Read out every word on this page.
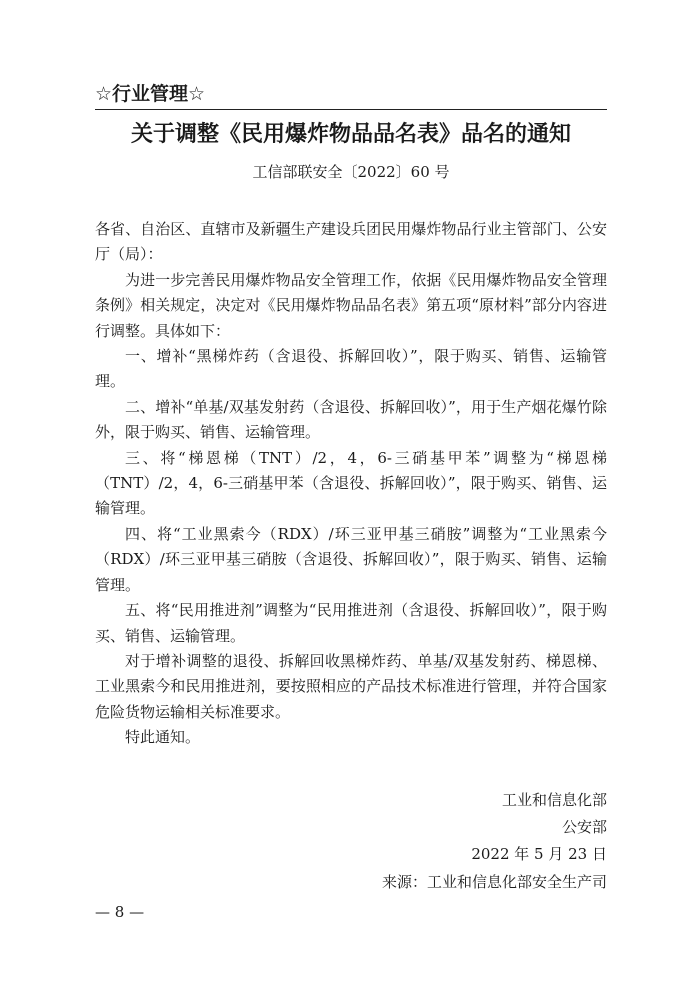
☆行业管理☆
关于调整《民用爆炸物品品名表》品名的通知
工信部联安全〔2022〕60 号

各省、自治区、直辖市及新疆生产建设兵团民用爆炸物品行业主管部门、公安厅（局）：

为进一步完善民用爆炸物品安全管理工作，依据《民用爆炸物品安全管理条例》相关规定，决定对《民用爆炸物品品名表》第五项“原材料”部分内容进行调整。具体如下：

一、增补“黑梯炸药（含退役、拆解回收）”，限于购买、销售、运输管理。

二、增补“单基/双基发射药（含退役、拆解回收）”，用于生产烟花爆竹除外，限于购买、销售、运输管理。

三、将“梯恩梯（TNT）/2，4，6-三硝基甲苯”调整为“梯恩梯（TNT）/2，4，6-三硝基甲苯（含退役、拆解回收）”，限于购买、销售、运输管理。

四、将“工业黑索今（RDX）/环三亚甲基三硝胺”调整为“工业黑索今（RDX）/环三亚甲基三硝胺（含退役、拆解回收）”，限于购买、销售、运输管理。

五、将“民用推进剂”调整为“民用推进剂（含退役、拆解回收）”，限于购买、销售、运输管理。

对于增补调整的退役、拆解回收黑梯炸药、单基/双基发射药、梯恩梯、工业黑索今和民用推进剂，要按照相应的产品技术标准进行管理，并符合国家危险货物运输相关标准要求。

特此通知。

工业和信息化部
公安部
2022 年 5 月 23 日
来源：工业和信息化部安全生产司
— 8 —
